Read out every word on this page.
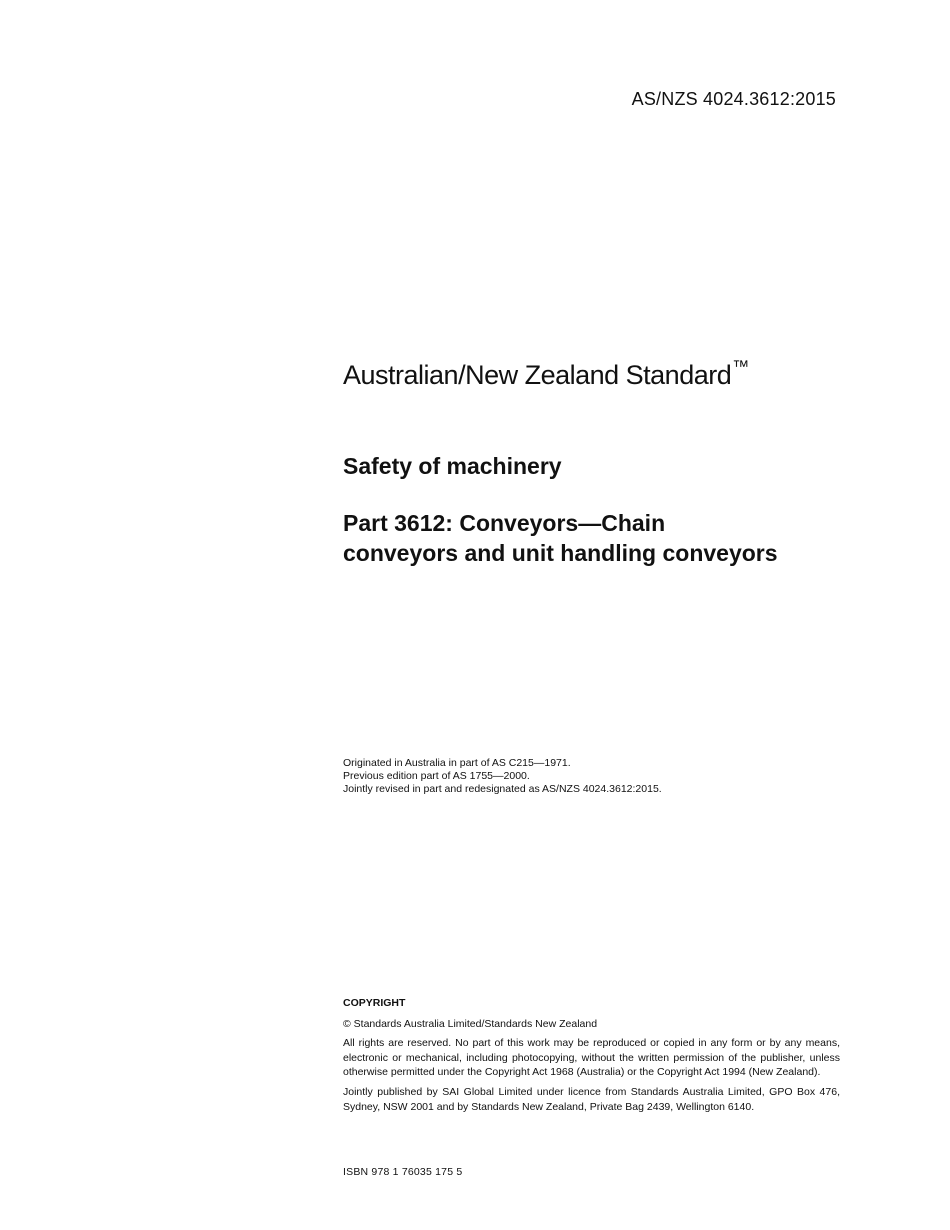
AS/NZS 4024.3612:2015
Australian/New Zealand Standard™
Safety of machinery
Part 3612: Conveyors—Chain
conveyors and unit handling conveyors
Originated in Australia in part of AS C215—1971.
Previous edition part of AS 1755—2000.
Jointly revised in part and redesignated as AS/NZS 4024.3612:2015.
COPYRIGHT

© Standards Australia Limited/Standards New Zealand

All rights are reserved. No part of this work may be reproduced or copied in any form or by any means, electronic or mechanical, including photocopying, without the written permission of the publisher, unless otherwise permitted under the Copyright Act 1968 (Australia) or the Copyright Act 1994 (New Zealand).

Jointly published by SAI Global Limited under licence from Standards Australia Limited, GPO Box 476, Sydney, NSW 2001 and by Standards New Zealand, Private Bag 2439, Wellington 6140.

ISBN 978 1 76035 175 5
